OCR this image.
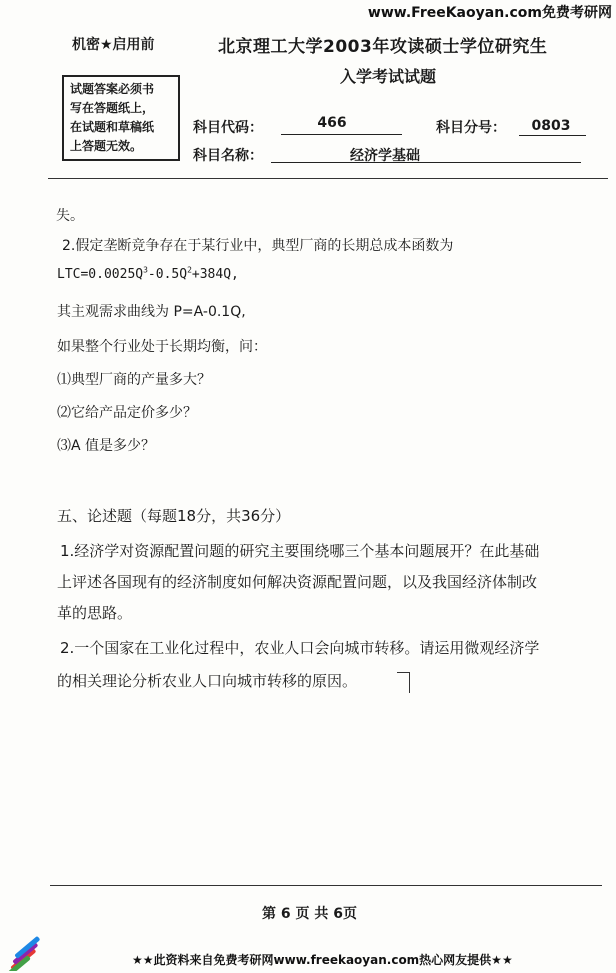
www.FreeKaoyan.com免费考研网
机密★启用前	北京理工大学2003年攻读硕士学位研究生
入学考试试题
试题答案必须书
写在答题纸上，
在试题和草稿纸
上答题无效。
科目代码：	466	科目分号：	0803
科目名称：	经济学基础
失。
2.假定垄断竞争存在于某行业中，典型厂商的长期总成本函数为
$LTC=0.0025Q^3-0.5Q^2+384Q$,
其主观需求曲线为 P=A-0.1Q,
如果整个行业处于长期均衡，问：
⑴典型厂商的产量多大？
⑵它给产品定价多少？
⑶A 值是多少？
五、论述题（每题18分，共36分）
1.经济学对资源配置问题的研究主要围绕哪三个基本问题展开？在此基础
上评述各国现有的经济制度如何解决资源配置问题，以及我国经济体制改
革的思路。
2.一个国家在工业化过程中，农业人口会向城市转移。请运用微观经济学
的相关理论分析农业人口向城市转移的原因。
第 6 页 共 6页
★★此资料来自免费考研网www.freekaoyan.com热心网友提供★★
